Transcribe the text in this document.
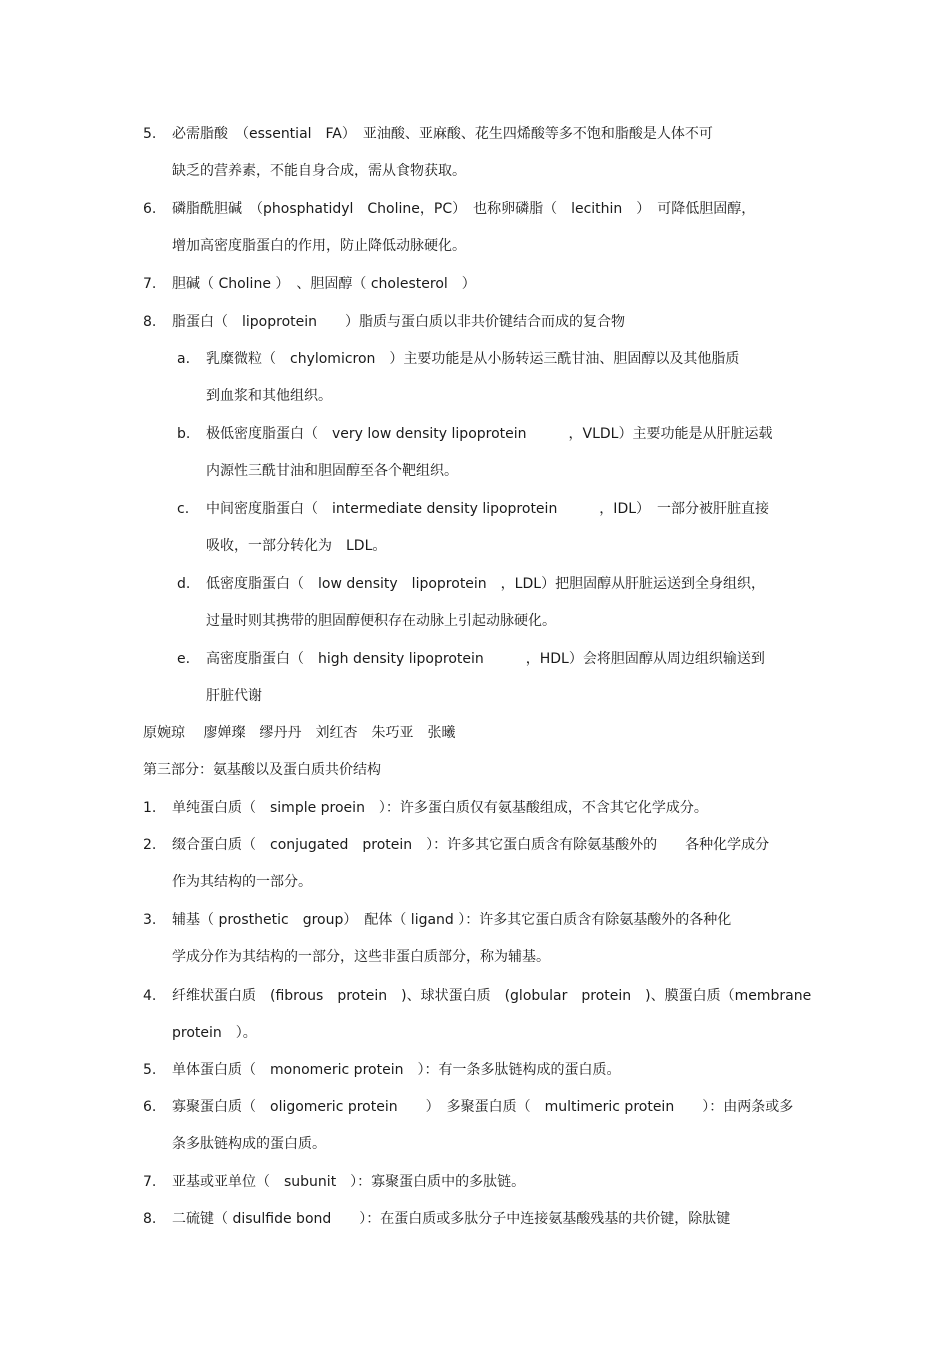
5. 必需脂酸　（essential　FA）　亚油酸、亚麻酸、花生四烯酸等多不饱和脂酸是人体不可
缺乏的营养素，不能自身合成，需从食物获取。
6. 磷脂酰胆碱　（phosphatidyl　Choline，PC）　也称卵磷脂（　lecithin　）　可降低胆固醇，
增加高密度脂蛋白的作用，防止降低动脉硬化。
7. 胆碱（ Choline ）　、胆固醇（ cholesterol　）
8. 脂蛋白（　lipoprotein　　）脂质与蛋白质以非共价键结合而成的复合物
a. 乳糜微粒（　chylomicron　）主要功能是从小肠转运三酰甘油、胆固醇以及其他脂质
到血浆和其他组织。
b. 极低密度脂蛋白（　very low density lipoprotein　　　，VLDL）主要功能是从肝脏运载
内源性三酰甘油和胆固醇至各个靶组织。
c. 中间密度脂蛋白（　intermediate density lipoprotein　　　，IDL）　一部分被肝脏直接
吸收，一部分转化为　LDL。
d. 低密度脂蛋白（　low density　lipoprotein　，LDL）把胆固醇从肝脏运送到全身组织，
过量时则其携带的胆固醇便积存在动脉上引起动脉硬化。
e. 高密度脂蛋白（　high density lipoprotein　　　，HDL）会将胆固醇从周边组织输送到
肝脏代谢
原婉琼　 廖婵璨　缪丹丹　刘红杏　朱巧亚　张曦
第三部分：氨基酸以及蛋白质共价结构
1. 单纯蛋白质（　simple proein　）：许多蛋白质仅有氨基酸组成，不含其它化学成分。
2. 缀合蛋白质（　conjugated　protein　）：许多其它蛋白质含有除氨基酸外的　　各种化学成分
作为其结构的一部分。
3. 辅基（ prosthetic　group）　配体（ ligand ）：许多其它蛋白质含有除氨基酸外的各种化
学成分作为其结构的一部分，这些非蛋白质部分，称为辅基。
4. 纤维状蛋白质　(fibrous　protein　)、球状蛋白质　(globular　protein　)、膜蛋白质（membrane
protein　）。
5. 单体蛋白质（　monomeric protein　）：有一条多肽链构成的蛋白质。
6. 寡聚蛋白质（　oligomeric protein　　）　多聚蛋白质（　multimeric protein　　）：由两条或多
条多肽链构成的蛋白质。
7. 亚基或亚单位（　subunit　）：寡聚蛋白质中的多肽链。
8. 二硫键（ disulfide bond　　）：在蛋白质或多肽分子中连接氨基酸残基的共价键，除肽键
